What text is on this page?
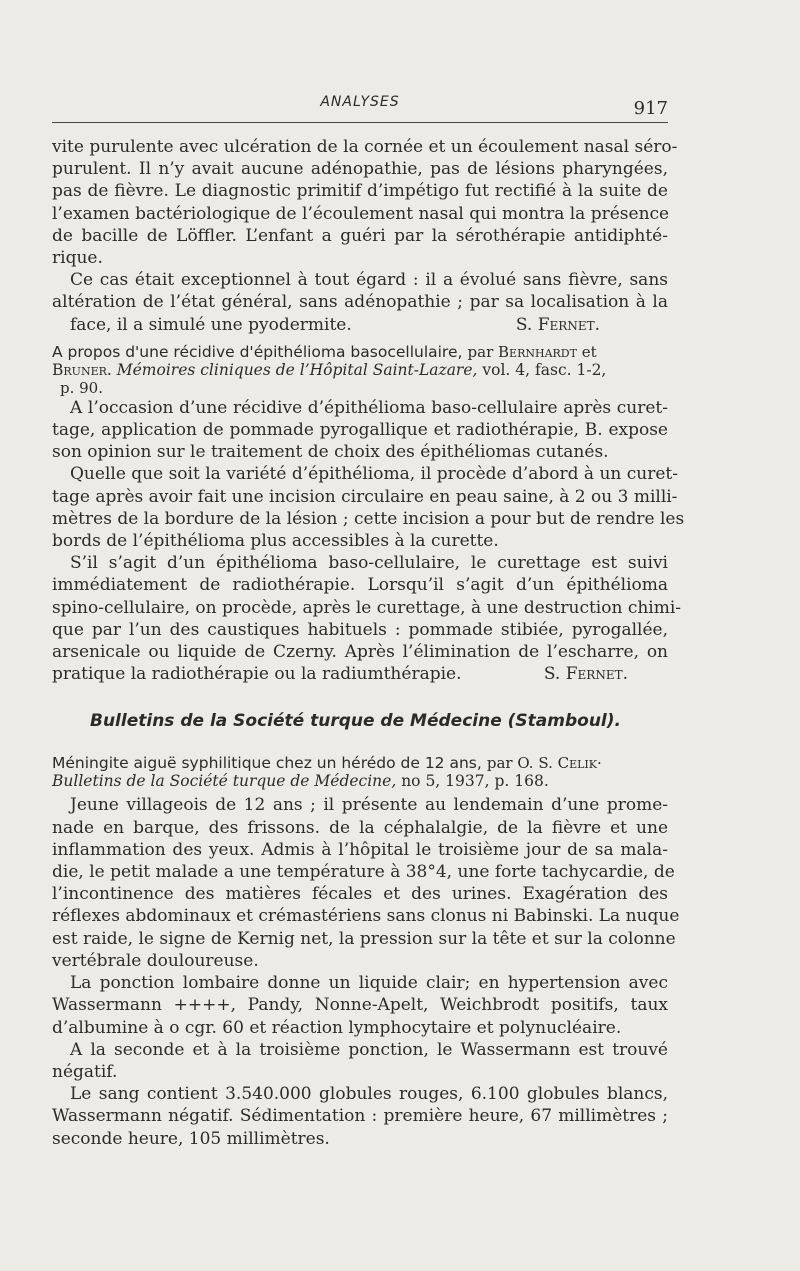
ANALYSES	917

vite purulente avec ulcération de la cornée et un écoulement nasal séro-
purulent. Il n’y avait aucune adénopathie, pas de lésions pharyngées,
pas de fièvre. Le diagnostic primitif d’impétigo fut rectifié à la suite de
l’examen bactériologique de l’écoulement nasal qui montra la présence
de bacille de Löffler. L’enfant a guéri par la sérothérapie antidiphté-
rique.

Ce cas était exceptionnel à tout égard : il a évolué sans fièvre, sans
altération de l’état général, sans adénopathie ; par sa localisation à la
face, il a simulé une pyodermite.	S. Fernet.

A propos d'une récidive d'épithélioma basocellulaire, par Bernhardt et
Bruner. Mémoires cliniques de l’Hôpital Saint-Lazare, vol. 4, fasc. 1-2,
p. 90.

A l’occasion d’une récidive d’épithélioma baso-cellulaire après curet-
tage, application de pommade pyrogallique et radiothérapie, B. expose
son opinion sur le traitement de choix des épithéliomas cutanés.

Quelle que soit la variété d’épithélioma, il procède d’abord à un curet-
tage après avoir fait une incision circulaire en peau saine, à 2 ou 3 milli-
mètres de la bordure de la lésion ; cette incision a pour but de rendre les
bords de l’épithélioma plus accessibles à la curette.

S’il s’agit d’un épithélioma baso-cellulaire, le curettage est suivi
immédiatement de radiothérapie. Lorsqu’il s’agit d’un épithélioma
spino-cellulaire, on procède, après le curettage, à une destruction chimi-
que par l’un des caustiques habituels : pommade stibiée, pyrogallée,
arsenicale ou liquide de Czerny. Après l’élimination de l’escharre, on
pratique la radiothérapie ou la radiumthérapie.	S. Fernet.

Bulletins de la Société turque de Médecine (Stamboul).
Méningite aiguë syphilitique chez un hérédo de 12 ans, par O. S. Celik·
Bulletins de la Société turque de Médecine, no 5, 1937, p. 168.

Jeune villageois de 12 ans ; il présente au lendemain d’une prome-
nade en barque, des frissons. de la céphalalgie, de la fièvre et une
inflammation des yeux. Admis à l’hôpital le troisième jour de sa mala-
die, le petit malade a une température à 38°4, une forte tachycardie, de
l’incontinence des matières fécales et des urines. Exagération des
réflexes abdominaux et crémastériens sans clonus ni Babinski. La nuque
est raide, le signe de Kernig net, la pression sur la tête et sur la colonne
vertébrale douloureuse.

La ponction lombaire donne un liquide clair; en hypertension avec
Wassermann ++++, Pandy, Nonne-Apelt, Weichbrodt positifs, taux
d’albumine à o cgr. 60 et réaction lymphocytaire et polynucléaire.

A la seconde et à la troisième ponction, le Wassermann est trouvé
négatif.

Le sang contient 3.540.000 globules rouges, 6.100 globules blancs,
Wassermann négatif. Sédimentation : première heure, 67 millimètres ;
seconde heure, 105 millimètres.
